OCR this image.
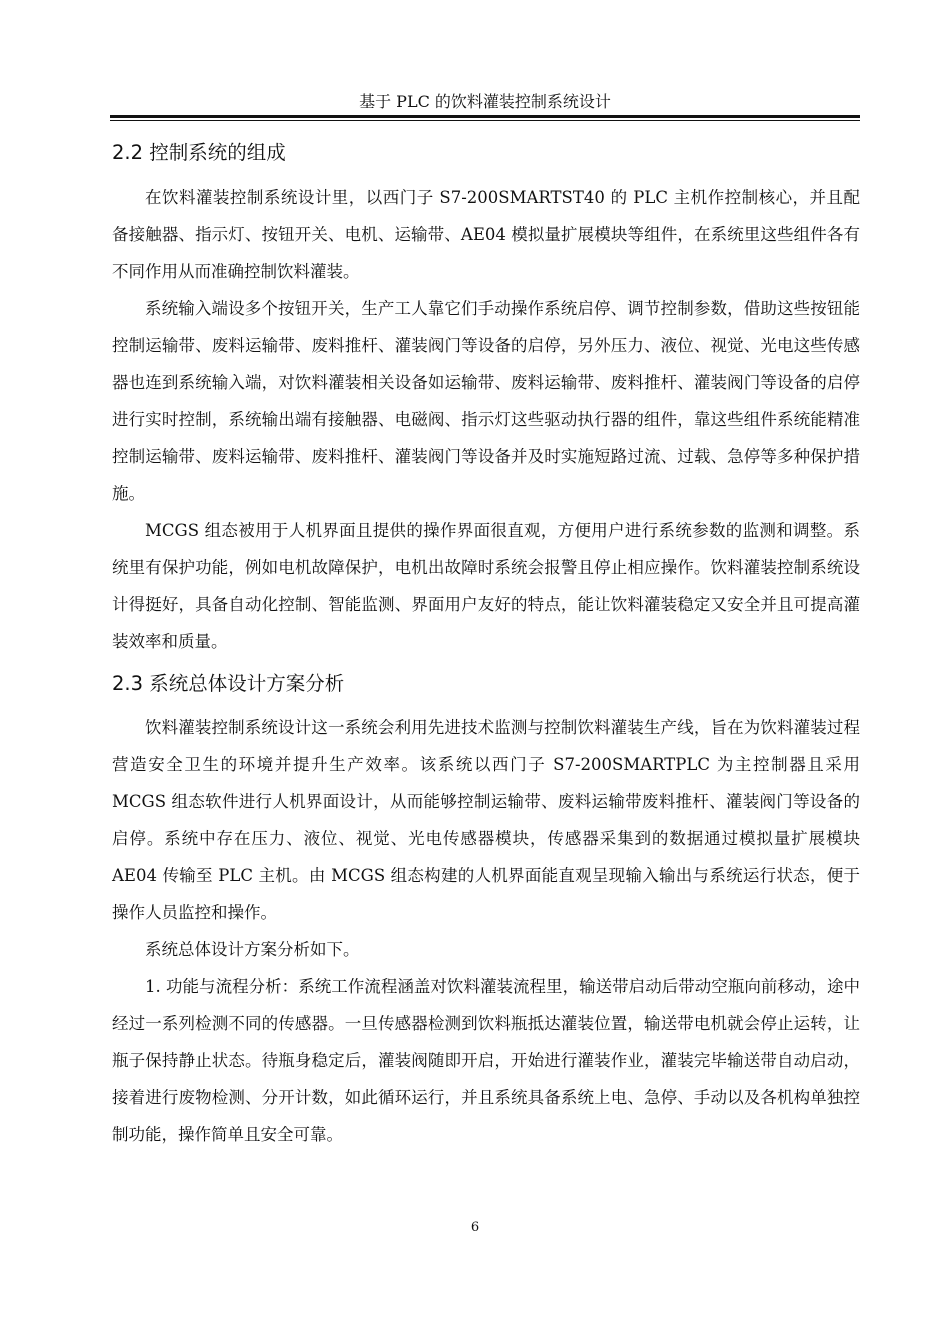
基于 PLC 的饮料灌装控制系统设计
2.2 控制系统的组成

在饮料灌装控制系统设计里，以西门子 S7-200SMARTST40 的 PLC 主机作控制核心，并且配备接触器、指示灯、按钮开关、电机、运输带、AE04 模拟量扩展模块等组件，在系统里这些组件各有不同作用从而准确控制饮料灌装。

系统输入端设多个按钮开关，生产工人靠它们手动操作系统启停、调节控制参数，借助这些按钮能控制运输带、废料运输带、废料推杆、灌装阀门等设备的启停，另外压力、液位、视觉、光电这些传感器也连到系统输入端，对饮料灌装相关设备如运输带、废料运输带、废料推杆、灌装阀门等设备的启停进行实时控制，系统输出端有接触器、电磁阀、指示灯这些驱动执行器的组件，靠这些组件系统能精准控制运输带、废料运输带、废料推杆、灌装阀门等设备并及时实施短路过流、过载、急停等多种保护措施。

MCGS 组态被用于人机界面且提供的操作界面很直观，方便用户进行系统参数的监测和调整。系统里有保护功能，例如电机故障保护，电机出故障时系统会报警且停止相应操作。饮料灌装控制系统设计得挺好，具备自动化控制、智能监测、界面用户友好的特点，能让饮料灌装稳定又安全并且可提高灌装效率和质量。

2.3 系统总体设计方案分析

饮料灌装控制系统设计这一系统会利用先进技术监测与控制饮料灌装生产线，旨在为饮料灌装过程营造安全卫生的环境并提升生产效率。该系统以西门子 S7-200SMARTPLC 为主控制器且采用 MCGS 组态软件进行人机界面设计，从而能够控制运输带、废料运输带废料推杆、灌装阀门等设备的启停。系统中存在压力、液位、视觉、光电传感器模块，传感器采集到的数据通过模拟量扩展模块 AE04 传输至 PLC 主机。由 MCGS 组态构建的人机界面能直观呈现输入输出与系统运行状态，便于操作人员监控和操作。

系统总体设计方案分析如下。

1. 功能与流程分析：系统工作流程涵盖对饮料灌装流程里，输送带启动后带动空瓶向前移动，途中经过一系列检测不同的传感器。一旦传感器检测到饮料瓶抵达灌装位置，输送带电机就会停止运转，让瓶子保持静止状态。待瓶身稳定后，灌装阀随即开启，开始进行灌装作业，灌装完毕输送带自动启动，接着进行废物检测、分开计数，如此循环运行，并且系统具备系统上电、急停、手动以及各机构单独控制功能，操作简单且安全可靠。

6
